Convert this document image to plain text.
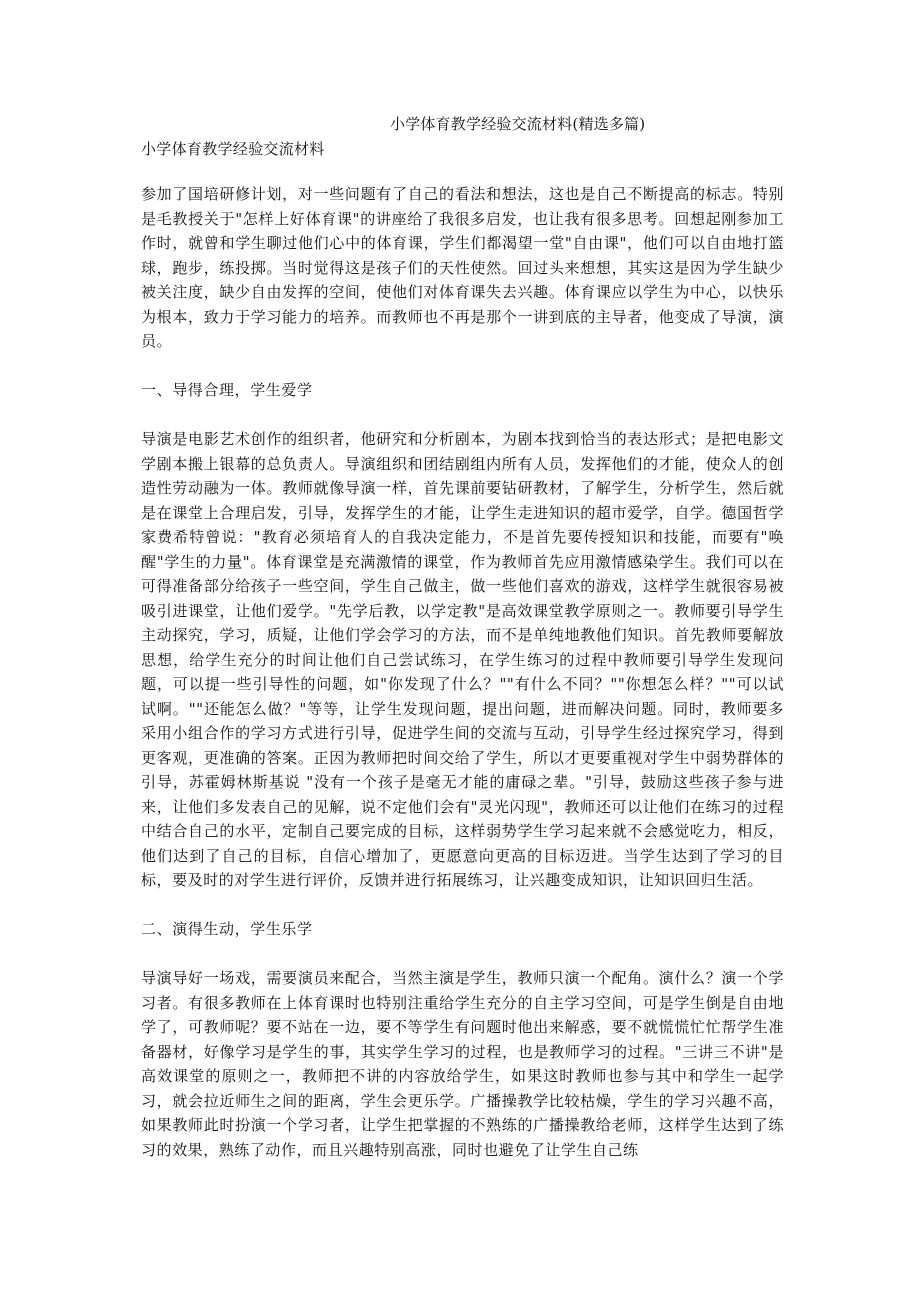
小学体育教学经验交流材料(精选多篇)
小学体育教学经验交流材料

参加了国培研修计划，对一些问题有了自己的看法和想法，这也是自己不断提高的标志。特别是毛教授关于"怎样上好体育课"的讲座给了我很多启发，也让我有很多思考。回想起刚参加工作时，就曾和学生聊过他们心中的体育课，学生们都渴望一堂"自由课"，他们可以自由地打篮球，跑步，练投掷。当时觉得这是孩子们的天性使然。回过头来想想，其实这是因为学生缺少被关注度，缺少自由发挥的空间，使他们对体育课失去兴趣。体育课应以学生为中心，以快乐为根本，致力于学习能力的培养。而教师也不再是那个一讲到底的主导者，他变成了导演，演员。

一、导得合理，学生爱学

导演是电影艺术创作的组织者，他研究和分析剧本，为剧本找到恰当的表达形式；是把电影文学剧本搬上银幕的总负责人。导演组织和团结剧组内所有人员，发挥他们的才能，使众人的创造性劳动融为一体。教师就像导演一样，首先课前要钻研教材，了解学生，分析学生，然后就是在课堂上合理启发，引导，发挥学生的才能，让学生走进知识的超市爱学，自学。德国哲学家费希特曾说："教育必须培育人的自我决定能力，不是首先要传授知识和技能，而要有"唤醒"学生的力量"。体育课堂是充满激情的课堂，作为教师首先应用激情感染学生。我们可以在可得准备部分给孩子一些空间，学生自己做主，做一些他们喜欢的游戏，这样学生就很容易被吸引进课堂，让他们爱学。"先学后教，以学定教"是高效课堂教学原则之一。教师要引导学生主动探究，学习，质疑，让他们学会学习的方法，而不是单纯地教他们知识。首先教师要解放思想，给学生充分的时间让他们自己尝试练习，在学生练习的过程中教师要引导学生发现问题，可以提一些引导性的问题，如"你发现了什么？""有什么不同？""你想怎么样？""可以试试啊。""还能怎么做？"等等，让学生发现问题，提出问题，进而解决问题。同时，教师要多采用小组合作的学习方式进行引导，促进学生间的交流与互动，引导学生经过探究学习，得到更客观，更准确的答案。正因为教师把时间交给了学生，所以才更要重视对学生中弱势群体的引导，苏霍姆林斯基说 "没有一个孩子是毫无才能的庸碌之辈。"引导，鼓励这些孩子参与进来，让他们多发表自己的见解，说不定他们会有"灵光闪现"，教师还可以让他们在练习的过程中结合自己的水平，定制自己要完成的目标，这样弱势学生学习起来就不会感觉吃力，相反，他们达到了自己的目标，自信心增加了，更愿意向更高的目标迈进。当学生达到了学习的目标，要及时的对学生进行评价，反馈并进行拓展练习，让兴趣变成知识，让知识回归生活。

二、演得生动，学生乐学

导演导好一场戏，需要演员来配合，当然主演是学生，教师只演一个配角。演什么？演一个学习者。有很多教师在上体育课时也特别注重给学生充分的自主学习空间，可是学生倒是自由地学了，可教师呢？要不站在一边，要不等学生有问题时他出来解惑，要不就慌慌忙忙帮学生准备器材，好像学习是学生的事，其实学生学习的过程，也是教师学习的过程。"三讲三不讲"是高效课堂的原则之一，教师把不讲的内容放给学生，如果这时教师也参与其中和学生一起学习，就会拉近师生之间的距离，学生会更乐学。广播操教学比较枯燥，学生的学习兴趣不高，如果教师此时扮演一个学习者，让学生把掌握的不熟练的广播操教给老师，这样学生达到了练习的效果，熟练了动作，而且兴趣特别高涨，同时也避免了让学生自己练
